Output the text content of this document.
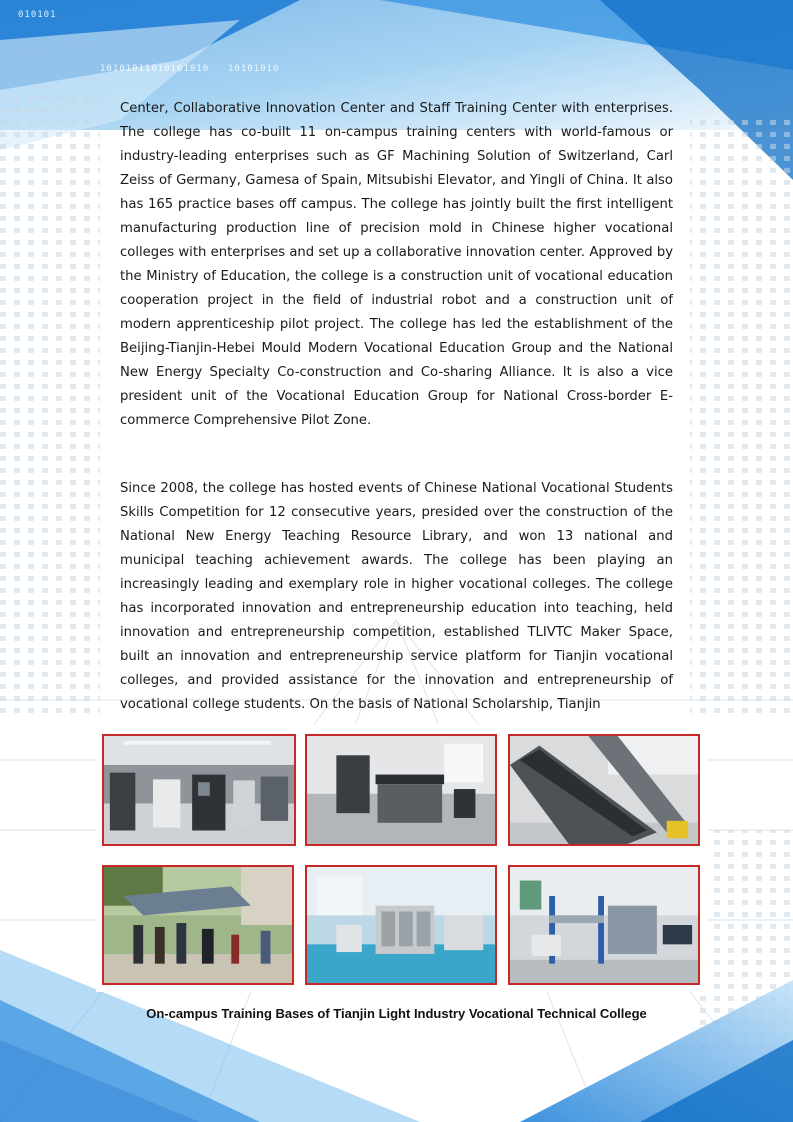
010101
10101011010101010 10101010

Center, Collaborative Innovation Center and Staff Training Center with enterprises. The college has co-built 11 on-campus training centers with world-famous or industry-leading enterprises such as GF Machining Solution of Switzerland, Carl Zeiss of Germany, Gamesa of Spain, Mitsubishi Elevator, and Yingli of China. It also has 165 practice bases off campus. The college has jointly built the first intelligent manufacturing production line of precision mold in Chinese higher vocational colleges with enterprises and set up a collaborative innovation center. Approved by the Ministry of Education, the college is a construction unit of vocational education cooperation project in the field of industrial robot and a construction unit of modern apprenticeship pilot project. The college has led the establishment of the Beijing-Tianjin-Hebei Mould Modern Vocational Education Group and the National New Energy Specialty Co-construction and Co-sharing Alliance. It is also a vice president unit of the Vocational Education Group for National Cross-border E-commerce Comprehensive Pilot Zone.

Since 2008, the college has hosted events of Chinese National Vocational Students Skills Competition for 12 consecutive years, presided over the construction of the National New Energy Teaching Resource Library, and won 13 national and municipal teaching achievement awards. The college has been playing an increasingly leading and exemplary role in higher vocational colleges. The college has incorporated innovation and entrepreneurship education into teaching, held innovation and entrepreneurship competition, established TLIVTC Maker Space, built an innovation and entrepreneurship service platform for Tianjin vocational colleges, and provided assistance for the innovation and entrepreneurship of vocational college students. On the basis of National Scholarship, Tianjin

On-campus Training Bases of Tianjin Light Industry Vocational Technical College
